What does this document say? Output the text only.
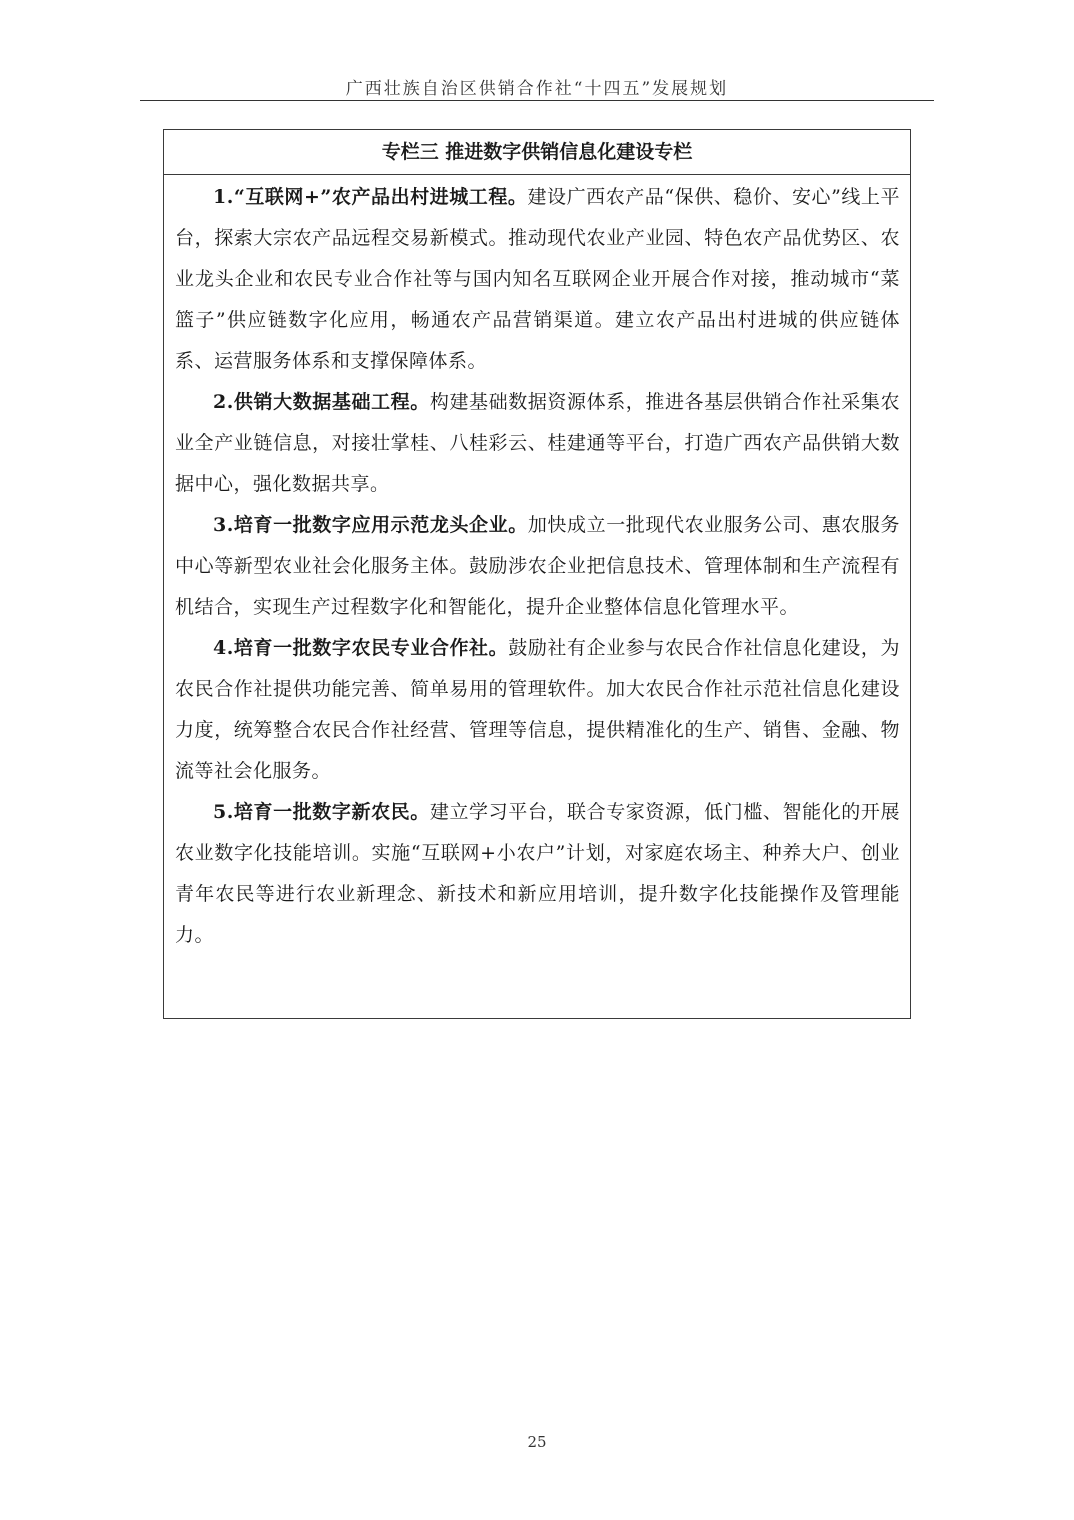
广西壮族自治区供销合作社“十四五”发展规划
专栏三 推进数字供销信息化建设专栏

1.“互联网+”农产品出村进城工程。建设广西农产品“保供、稳价、安心”线上平台，探索大宗农产品远程交易新模式。推动现代农业产业园、特色农产品优势区、农业龙头企业和农民专业合作社等与国内知名互联网企业开展合作对接，推动城市“菜篮子”供应链数字化应用，畅通农产品营销渠道。建立农产品出村进城的供应链体系、运营服务体系和支撑保障体系。

2.供销大数据基础工程。构建基础数据资源体系，推进各基层供销合作社采集农业全产业链信息，对接壮掌桂、八桂彩云、桂建通等平台，打造广西农产品供销大数据中心，强化数据共享。

3.培育一批数字应用示范龙头企业。加快成立一批现代农业服务公司、惠农服务中心等新型农业社会化服务主体。鼓励涉农企业把信息技术、管理体制和生产流程有机结合，实现生产过程数字化和智能化，提升企业整体信息化管理水平。

4.培育一批数字农民专业合作社。鼓励社有企业参与农民合作社信息化建设，为农民合作社提供功能完善、简单易用的管理软件。加大农民合作社示范社信息化建设力度，统筹整合农民合作社经营、管理等信息，提供精准化的生产、销售、金融、物流等社会化服务。

5.培育一批数字新农民。建立学习平台，联合专家资源，低门槛、智能化的开展农业数字化技能培训。实施“互联网+小农户”计划，对家庭农场主、种养大户、创业青年农民等进行农业新理念、新技术和新应用培训，提升数字化技能操作及管理能力。

25
